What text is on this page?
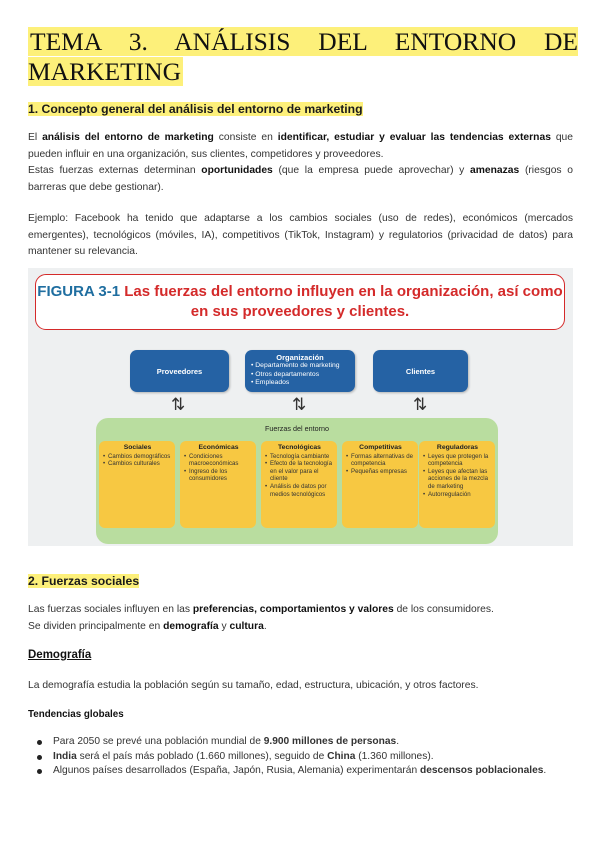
TEMA 3. ANÁLISIS DEL ENTORNO DE MARKETING
1. Concepto general del análisis del entorno de marketing
El análisis del entorno de marketing consiste en identificar, estudiar y evaluar las tendencias externas que pueden influir en una organización, sus clientes, competidores y proveedores.
Estas fuerzas externas determinan oportunidades (que la empresa puede aprovechar) y amenazas (riesgos o barreras que debe gestionar).
Ejemplo: Facebook ha tenido que adaptarse a los cambios sociales (uso de redes), económicos (mercados emergentes), tecnológicos (móviles, IA), competitivos (TikTok, Instagram) y regulatorios (privacidad de datos) para mantener su relevancia.
FIGURA 3-1 Las fuerzas del entorno influyen en la organización, así como en sus proveedores y clientes.
Proveedores
Organización
• Departamento de marketing
• Otros departamentos
• Empleados
Clientes
⇅	⇅	⇅
Fuerzas del entorno
Sociales
• Cambios demográficos
• Cambios culturales
Económicas
• Condiciones macroeconómicas
• Ingreso de los consumidores
Tecnológicas
• Tecnología cambiante
• Efecto de la tecnología en el valor para el cliente
• Análisis de datos por medios tecnológicos
Competitivas
• Formas alternativas de competencia
• Pequeñas empresas
Reguladoras
• Leyes que protegen la competencia
• Leyes que afectan las acciones de la mezcla de marketing
• Autorregulación
2. Fuerzas sociales
Las fuerzas sociales influyen en las preferencias, comportamientos y valores de los consumidores.
Se dividen principalmente en demografía y cultura.
Demografía
La demografía estudia la población según su tamaño, edad, estructura, ubicación, y otros factores.
Tendencias globales
Para 2050 se prevé una población mundial de 9.900 millones de personas.
India será el país más poblado (1.660 millones), seguido de China (1.360 millones).
Algunos países desarrollados (España, Japón, Rusia, Alemania) experimentarán descensos poblacionales.
